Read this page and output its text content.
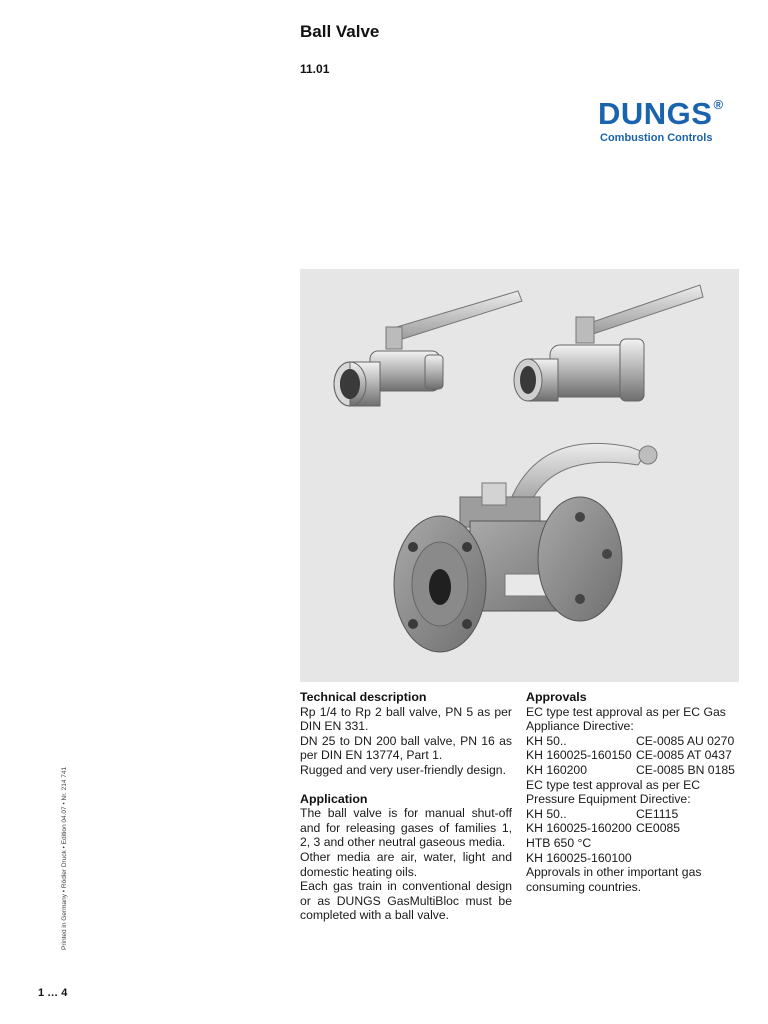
Ball Valve
11.01
DUNGS®
Combustion Controls
Technical description
Rp 1/4 to Rp 2 ball valve, PN 5 as per DIN EN 331.
DN 25 to DN 200 ball valve, PN 16 as per DIN EN 13774, Part 1.
Rugged and very user-friendly design.
Application
The ball valve is for manual shut-off and for releasing gases of families 1, 2, 3 and other neutral gaseous media.
Other media are air, water, light and domestic heating oils.
Each gas train in conventional design or as DUNGS GasMultiBloc must be completed with a ball valve.
Approvals
EC type test approval as per EC Gas Appliance Directive:
KH 50..	CE-0085 AU 0270
KH 160025-160150 CE-0085 AT 0437
KH 160200	CE-0085 BN 0185
EC type test approval as per EC Pressure Equipment Directive:
KH 50..	CE1115
KH 160025-160200 CE0085
HTB 650 °C
KH 160025-160100
Approvals in other important gas consuming countries.
Printed in Germany • Rödler Druck • Edition 04.07 • Nr. 214 741
1 … 4
